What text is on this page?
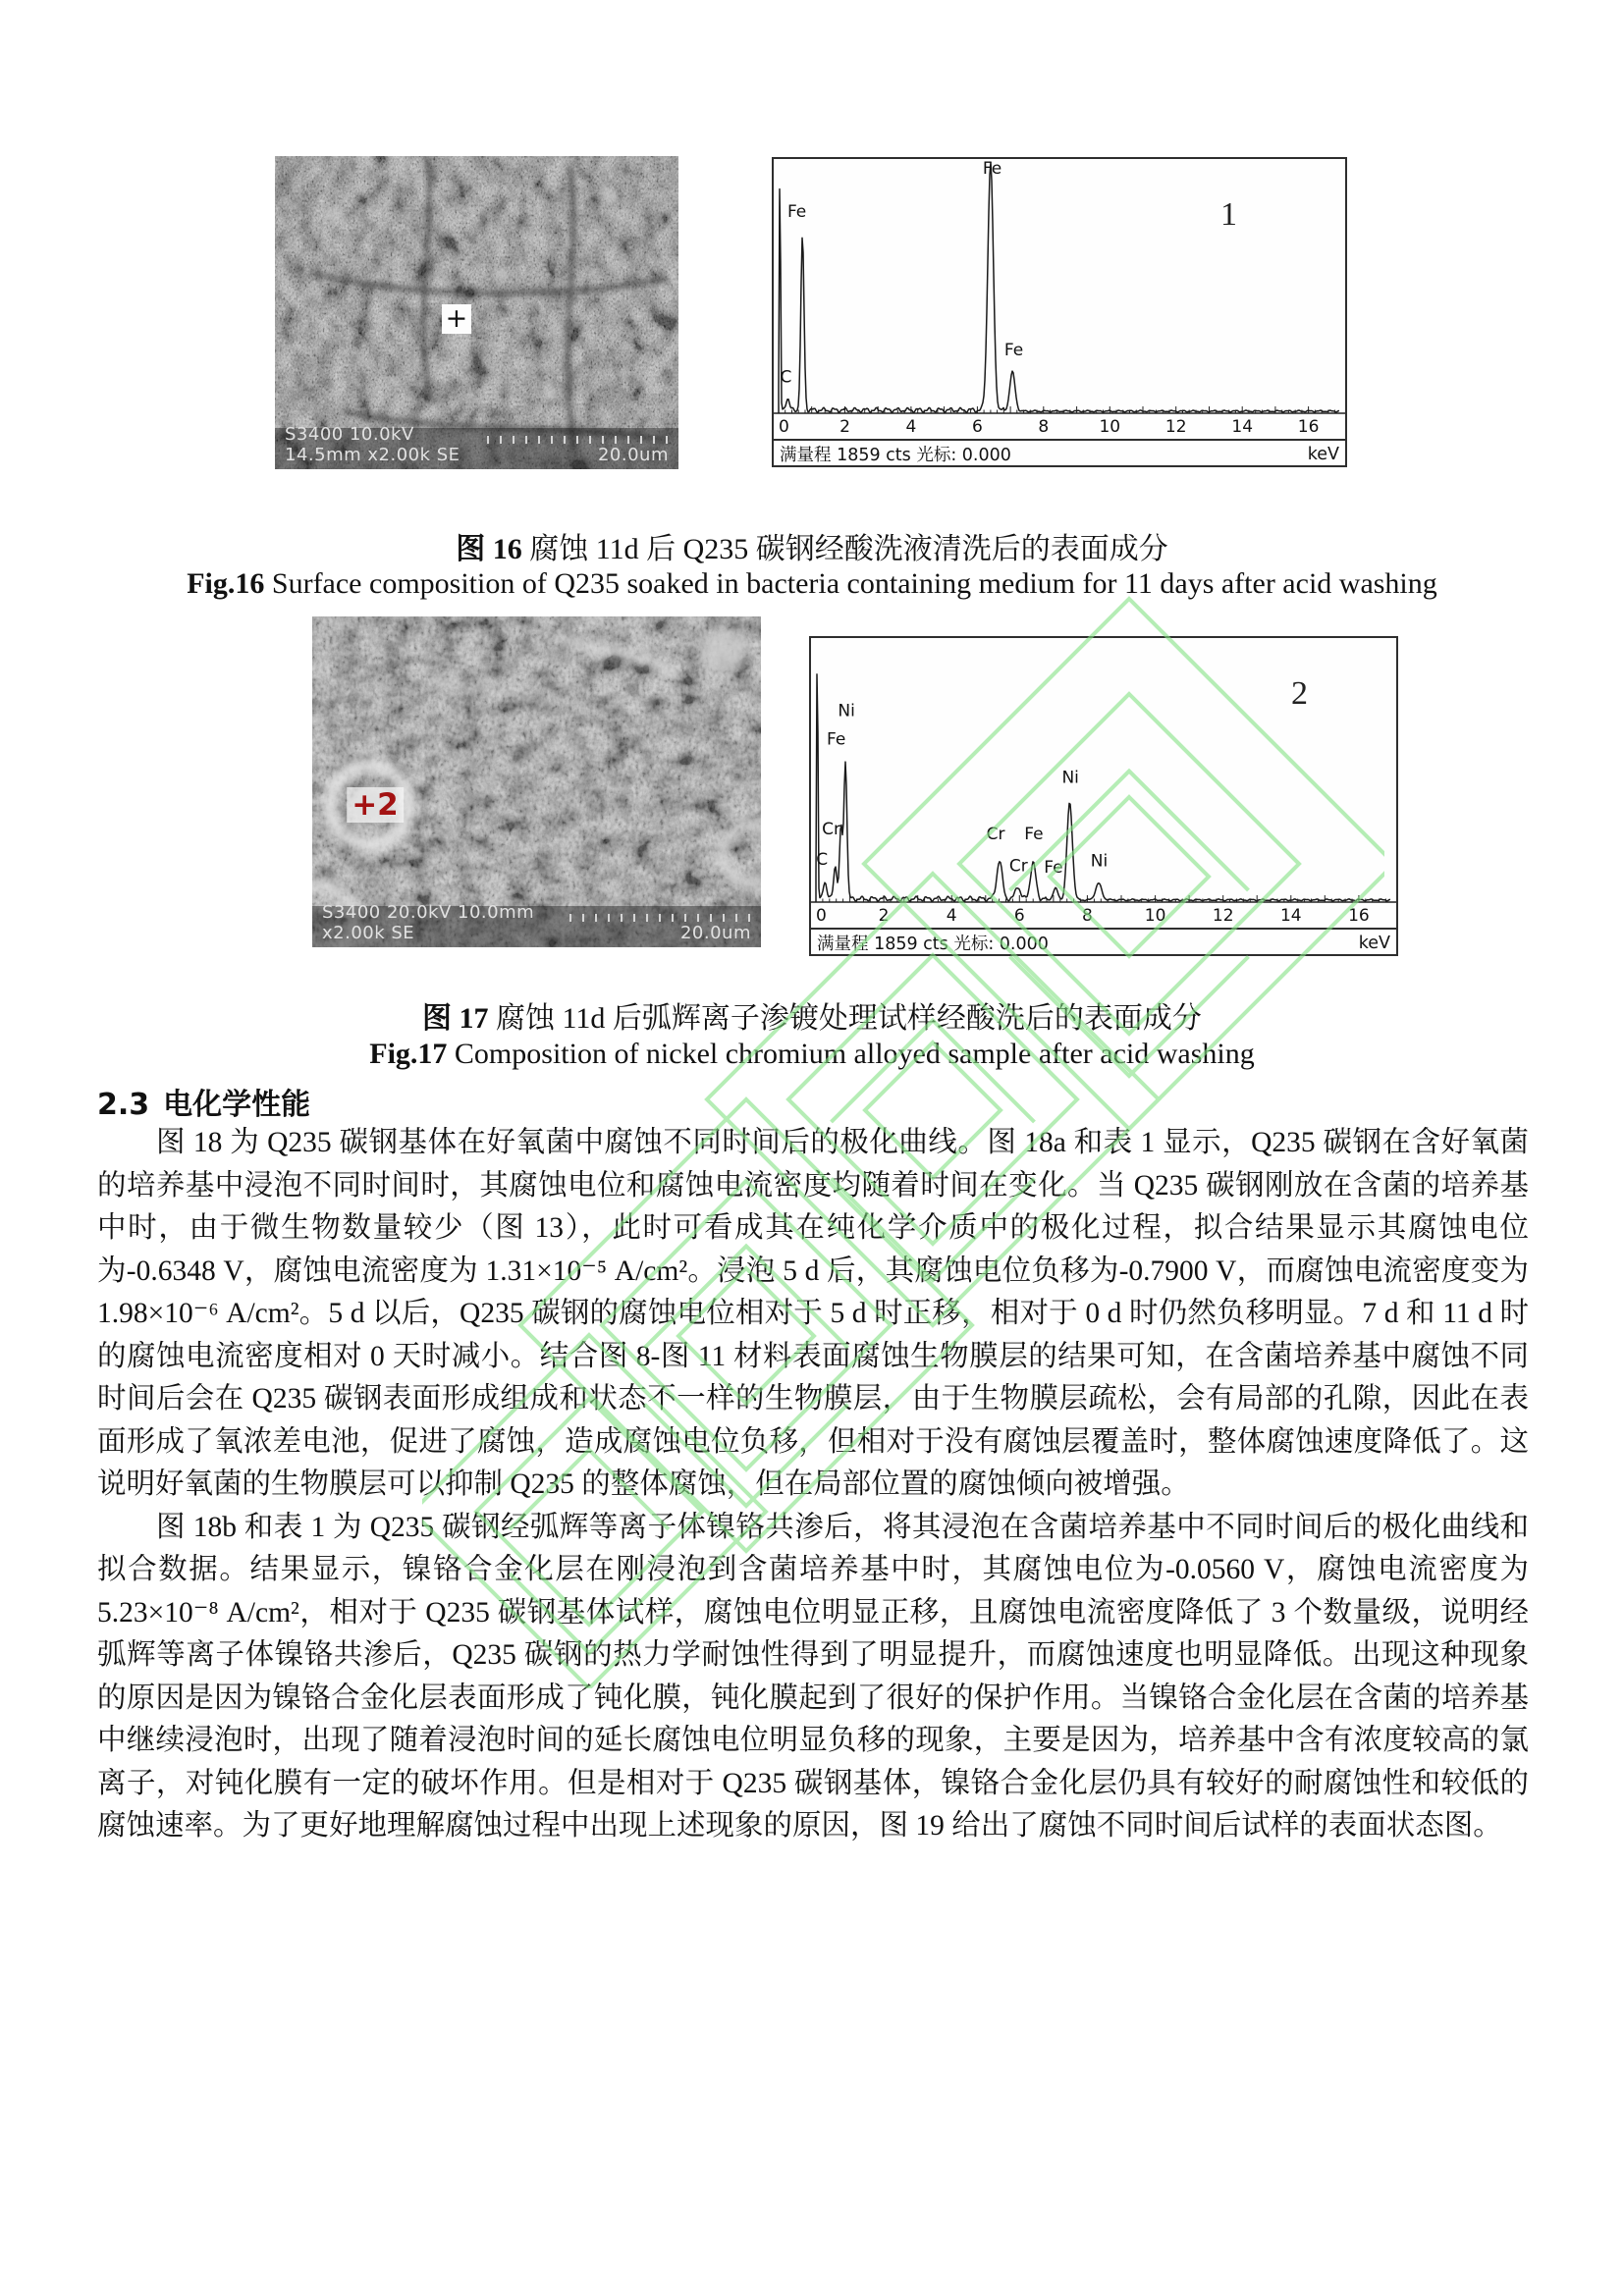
+
S3400 10.0kV 14.5mm x2.00k SE	20.0um
1
0	2	4	6	8	10	12	14	16
Fe
C
Fe
Fe
满量程 1859 cts 光标: 0.000	keV
图 16 腐蚀 11d 后 Q235 碳钢经酸洗液清洗后的表面成分
Fig.16 Surface composition of Q235 soaked in bacteria containing medium for 11 days after acid washing
+2
S3400 20.0kV 10.0mm x2.00k SE	20.0um
2
0	2	4	6	8	10	12	14	16
C
Cr
Fe
Ni
Cr
Cr
Fe
Fe
Ni
Ni
满量程 1859 cts 光标: 0.000	keV
图 17 腐蚀 11d 后弧辉离子渗镀处理试样经酸洗后的表面成分
Fig.17 Composition of nickel chromium alloyed sample after acid washing
2.3 电化学性能

图 18 为 Q235 碳钢基体在好氧菌中腐蚀不同时间后的极化曲线。图 18a 和表 1 显示，Q235 碳钢在含好氧菌的培养基中浸泡不同时间时，其腐蚀电位和腐蚀电流密度均随着时间在变化。当 Q235 碳钢刚放在含菌的培养基中时，由于微生物数量较少（图 13），此时可看成其在纯化学介质中的极化过程，拟合结果显示其腐蚀电位为-0.6348 V，腐蚀电流密度为 1.31×10⁻⁵ A/cm²。浸泡 5 d 后，其腐蚀电位负移为-0.7900 V，而腐蚀电流密度变为 1.98×10⁻⁶ A/cm²。5 d 以后，Q235 碳钢的腐蚀电位相对于 5 d 时正移，相对于 0 d 时仍然负移明显。7 d 和 11 d 时的腐蚀电流密度相对 0 天时减小。结合图 8-图 11 材料表面腐蚀生物膜层的结果可知，在含菌培养基中腐蚀不同时间后会在 Q235 碳钢表面形成组成和状态不一样的生物膜层，由于生物膜层疏松，会有局部的孔隙，因此在表面形成了氧浓差电池，促进了腐蚀，造成腐蚀电位负移，但相对于没有腐蚀层覆盖时，整体腐蚀速度降低了。这说明好氧菌的生物膜层可以抑制 Q235 的整体腐蚀，但在局部位置的腐蚀倾向被增强。

图 18b 和表 1 为 Q235 碳钢经弧辉等离子体镍铬共渗后，将其浸泡在含菌培养基中不同时间后的极化曲线和拟合数据。结果显示，镍铬合金化层在刚浸泡到含菌培养基中时，其腐蚀电位为-0.0560 V，腐蚀电流密度为 5.23×10⁻⁸ A/cm²，相对于 Q235 碳钢基体试样，腐蚀电位明显正移，且腐蚀电流密度降低了 3 个数量级，说明经弧辉等离子体镍铬共渗后，Q235 碳钢的热力学耐蚀性得到了明显提升，而腐蚀速度也明显降低。出现这种现象的原因是因为镍铬合金化层表面形成了钝化膜，钝化膜起到了很好的保护作用。当镍铬合金化层在含菌的培养基中继续浸泡时，出现了随着浸泡时间的延长腐蚀电位明显负移的现象，主要是因为，培养基中含有浓度较高的氯离子，对钝化膜有一定的破坏作用。但是相对于 Q235 碳钢基体，镍铬合金化层仍具有较好的耐腐蚀性和较低的腐蚀速率。为了更好地理解腐蚀过程中出现上述现象的原因，图 19 给出了腐蚀不同时间后试样的表面状态图。
